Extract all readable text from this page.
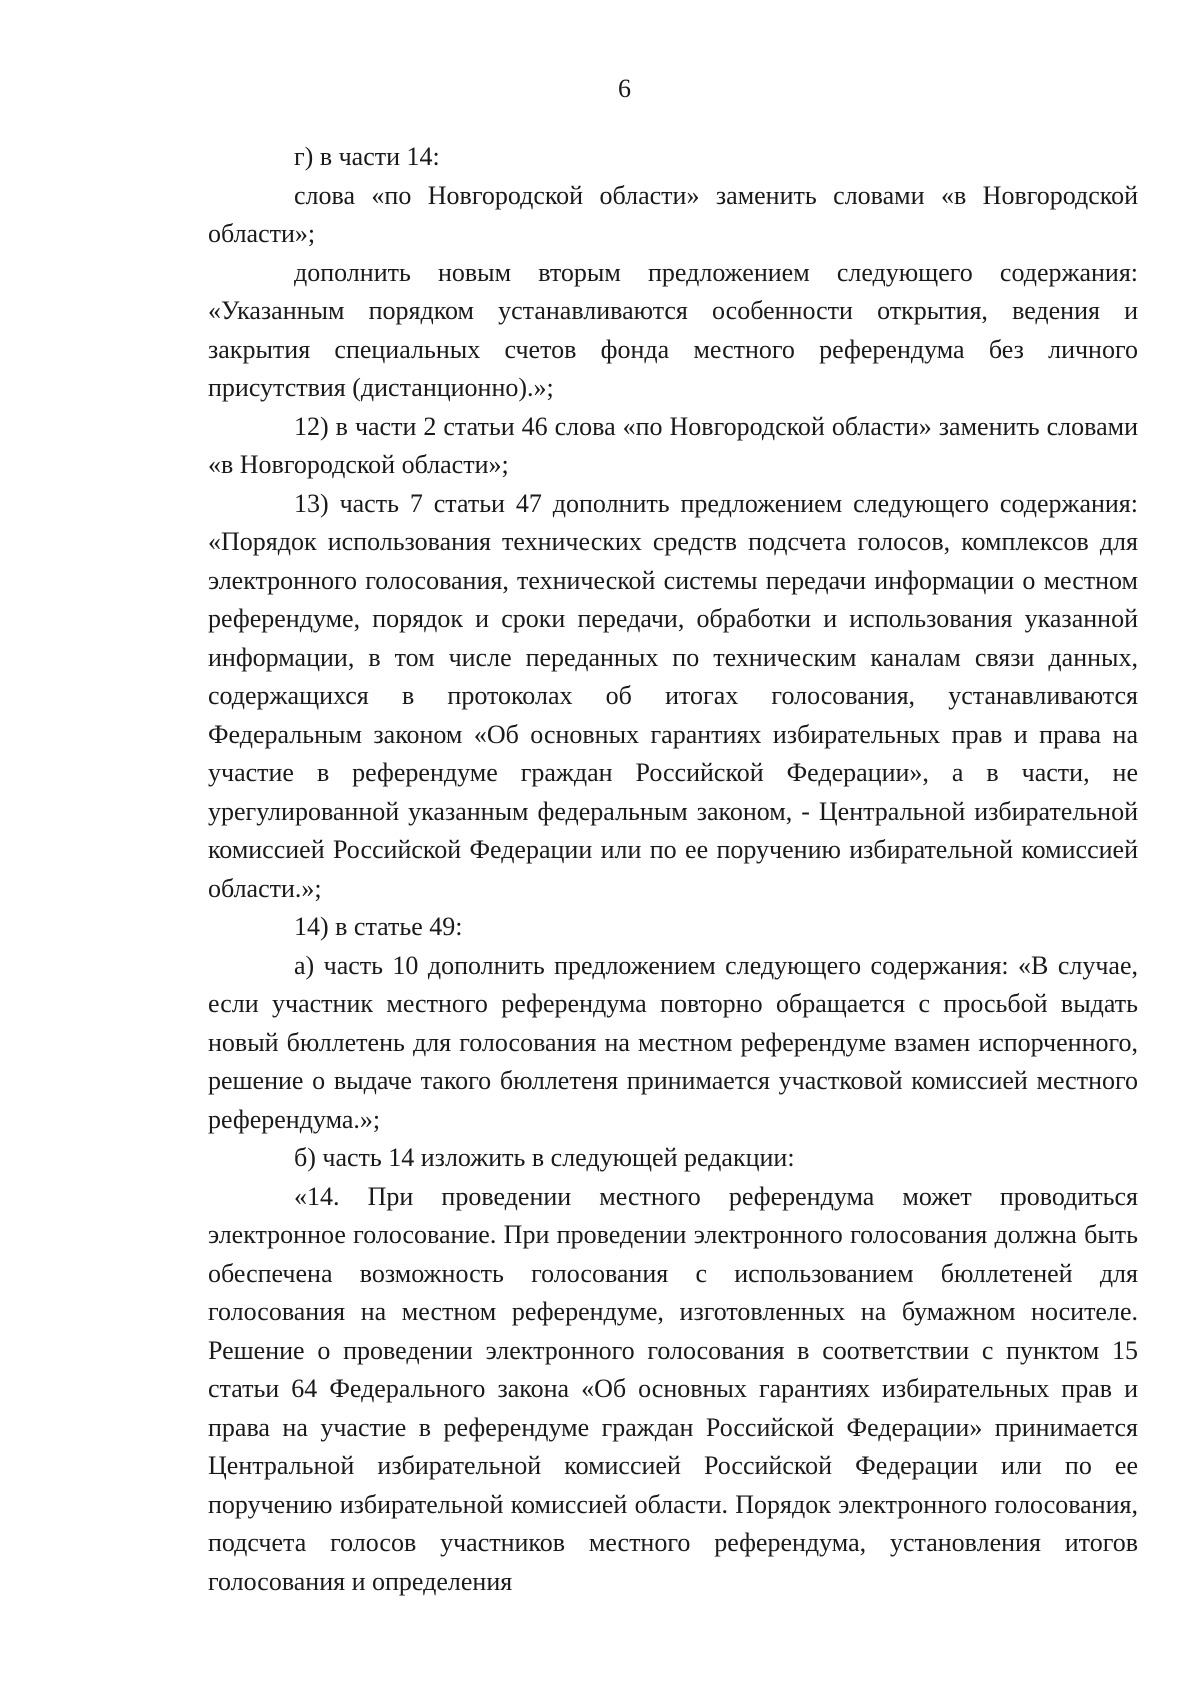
6

г) в части 14:

слова «по Новгородской области» заменить словами «в Новгородской области»;

дополнить новым вторым предложением следующего содержания: «Указанным порядком устанавливаются особенности открытия, ведения и закрытия специальных счетов фонда местного референдума без личного присутствия (дистанционно).»;

12) в части 2 статьи 46 слова «по Новгородской области» заменить словами «в Новгородской области»;

13) часть 7 статьи 47 дополнить предложением следующего содержания: «Порядок использования технических средств подсчета голосов, комплексов для электронного голосования, технической системы передачи информации о местном референдуме, порядок и сроки передачи, обработки и использования указанной информации, в том числе переданных по техническим каналам связи данных, содержащихся в протоколах об итогах голосования, устанавливаются Федеральным законом «Об основных гарантиях избирательных прав и права на участие в референдуме граждан Российской Федерации», а в части, не урегулированной указанным федеральным законом, - Центральной избирательной комиссией Российской Федерации или по ее поручению избирательной комиссией области.»;

14) в статье 49:

а) часть 10 дополнить предложением следующего содержания: «В случае, если участник местного референдума повторно обращается с просьбой выдать новый бюллетень для голосования на местном референдуме взамен испорченного, решение о выдаче такого бюллетеня принимается участковой комиссией местного референдума.»;

б) часть 14 изложить в следующей редакции:

«14. При проведении местного референдума может проводиться электронное голосование. При проведении электронного голосования должна быть обеспечена возможность голосования с использованием бюллетеней для голосования на местном референдуме, изготовленных на бумажном носителе. Решение о проведении электронного голосования в соответствии с пунктом 15 статьи 64 Федерального закона «Об основных гарантиях избирательных прав и права на участие в референдуме граждан Российской Федерации» принимается Центральной избирательной комиссией Российской Федерации или по ее поручению избирательной комиссией области. Порядок электронного голосования, подсчета голосов участников местного референдума, установления итогов голосования и определения
